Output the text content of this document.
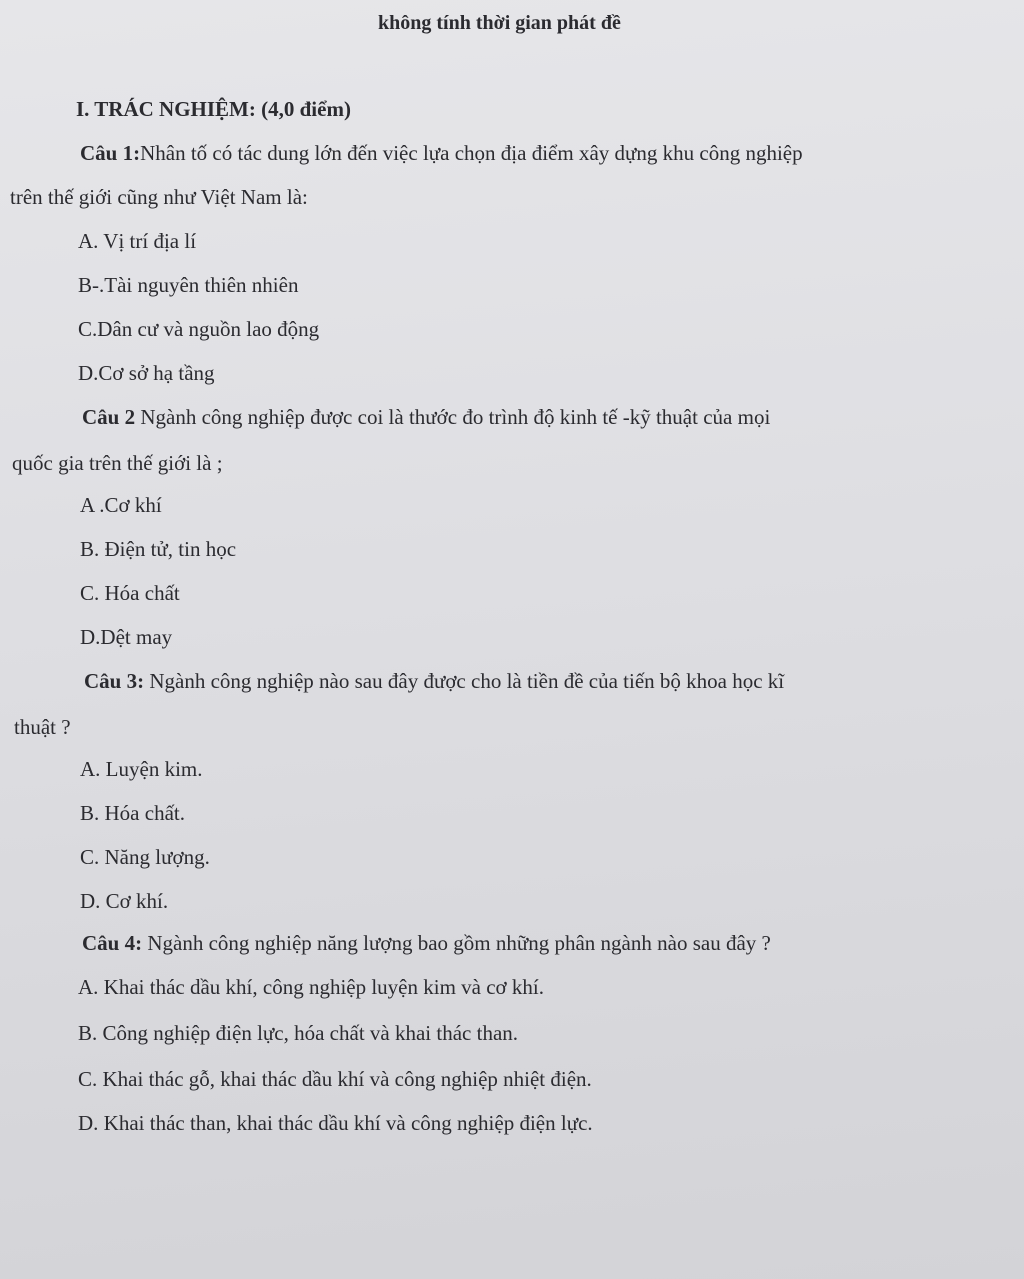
không tính thời gian phát đề
I. TRÁC NGHIỆM: (4,0 điểm)
Câu 1:Nhân tố có tác dung lớn đến việc lựa chọn địa điểm xây dựng khu công nghiệp
trên thế giới cũng như Việt Nam là:
A. Vị trí địa lí
B-.Tài nguyên thiên nhiên
C.Dân cư và nguồn lao động
D.Cơ sở hạ tầng
Câu 2 Ngành công nghiệp được coi là thước đo trình độ kinh tế -kỹ thuật của mọi
quốc gia trên thế giới là ;
A .Cơ khí
B. Điện tử, tin học
C. Hóa chất
D.Dệt may
Câu 3: Ngành công nghiệp nào sau đây được cho là tiền đề của tiến bộ khoa học kĩ
thuật ?
A. Luyện kim.
B. Hóa chất.
C. Năng lượng.
D. Cơ khí.
Câu 4: Ngành công nghiệp năng lượng bao gồm những phân ngành nào sau đây ?
A. Khai thác dầu khí, công nghiệp luyện kim và cơ khí.
B. Công nghiệp điện lực, hóa chất và khai thác than.
C. Khai thác gỗ, khai thác dầu khí và công nghiệp nhiệt điện.
D. Khai thác than, khai thác dầu khí và công nghiệp điện lực.
